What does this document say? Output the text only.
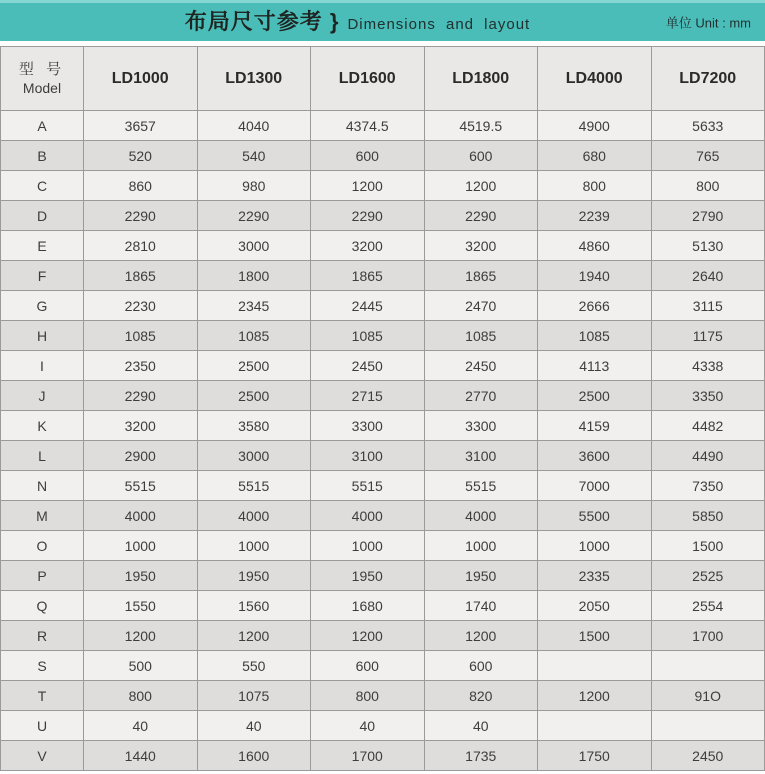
布局尺寸参考 } Dimensions and layout	单位 Unit : mm
型 号
Model	LD1000	LD1300	LD1600	LD1800	LD4000	LD7200
A	3657	4040	4374.5	4519.5	4900	5633
B	520	540	600	600	680	765
C	860	980	1200	1200	800	800
D	2290	2290	2290	2290	2239	2790
E	2810	3000	3200	3200	4860	5130
F	1865	1800	1865	1865	1940	2640
G	2230	2345	2445	2470	2666	3115
H	1085	1085	1085	1085	1085	1175
I	2350	2500	2450	2450	4113	4338
J	2290	2500	2715	2770	2500	3350
K	3200	3580	3300	3300	4159	4482
L	2900	3000	3100	3100	3600	4490
N	5515	5515	5515	5515	7000	7350
M	4000	4000	4000	4000	5500	5850
O	1000	1000	1000	1000	1000	1500
P	1950	1950	1950	1950	2335	2525
Q	1550	1560	1680	1740	2050	2554
R	1200	1200	1200	1200	1500	1700
S	500	550	600	600		
T	800	1075	800	820	1200	91O
U	40	40	40	40		
V	1440	1600	1700	1735	1750	2450
